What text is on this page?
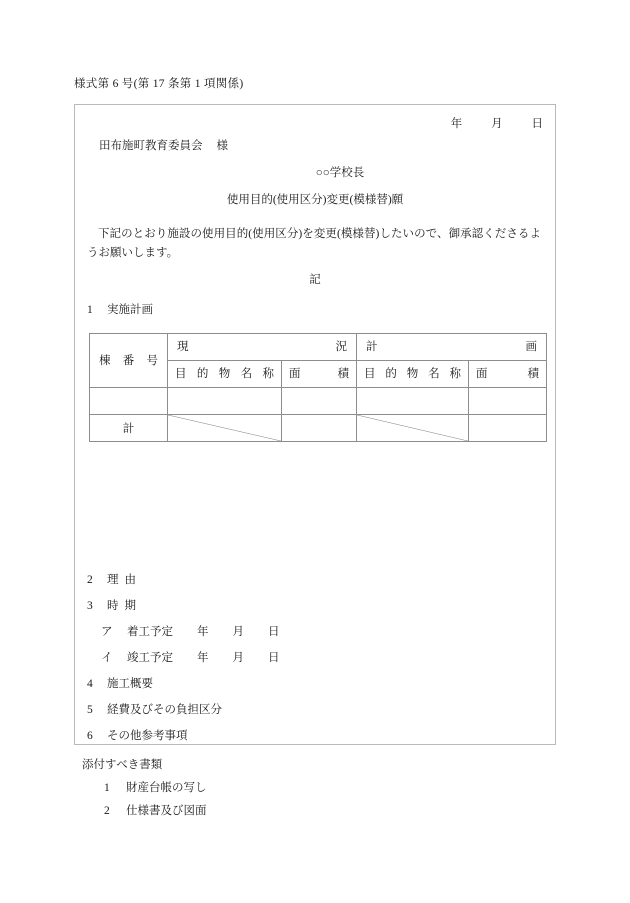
様式第 6 号(第 17 条第 1 項関係)
年	月	日
田布施町教育委員会 様
○○学校長
使用目的(使用区分)変更(模様替)願
下記のとおり施設の使用目的(使用区分)を変更(模様替)したいので、御承認くださるようお願いします。
記
1 実施計画
棟番号	現況		計画	

	目的物名称	面積	目的物名称	面積

計	

2 理由
3 時期
ア 着工予定 年 月 日
イ 竣工予定 年 月 日
4 施工概要
5 経費及びその負担区分
6 その他参考事項
添付すべき書類
1 財産台帳の写し
2 仕様書及び図面
